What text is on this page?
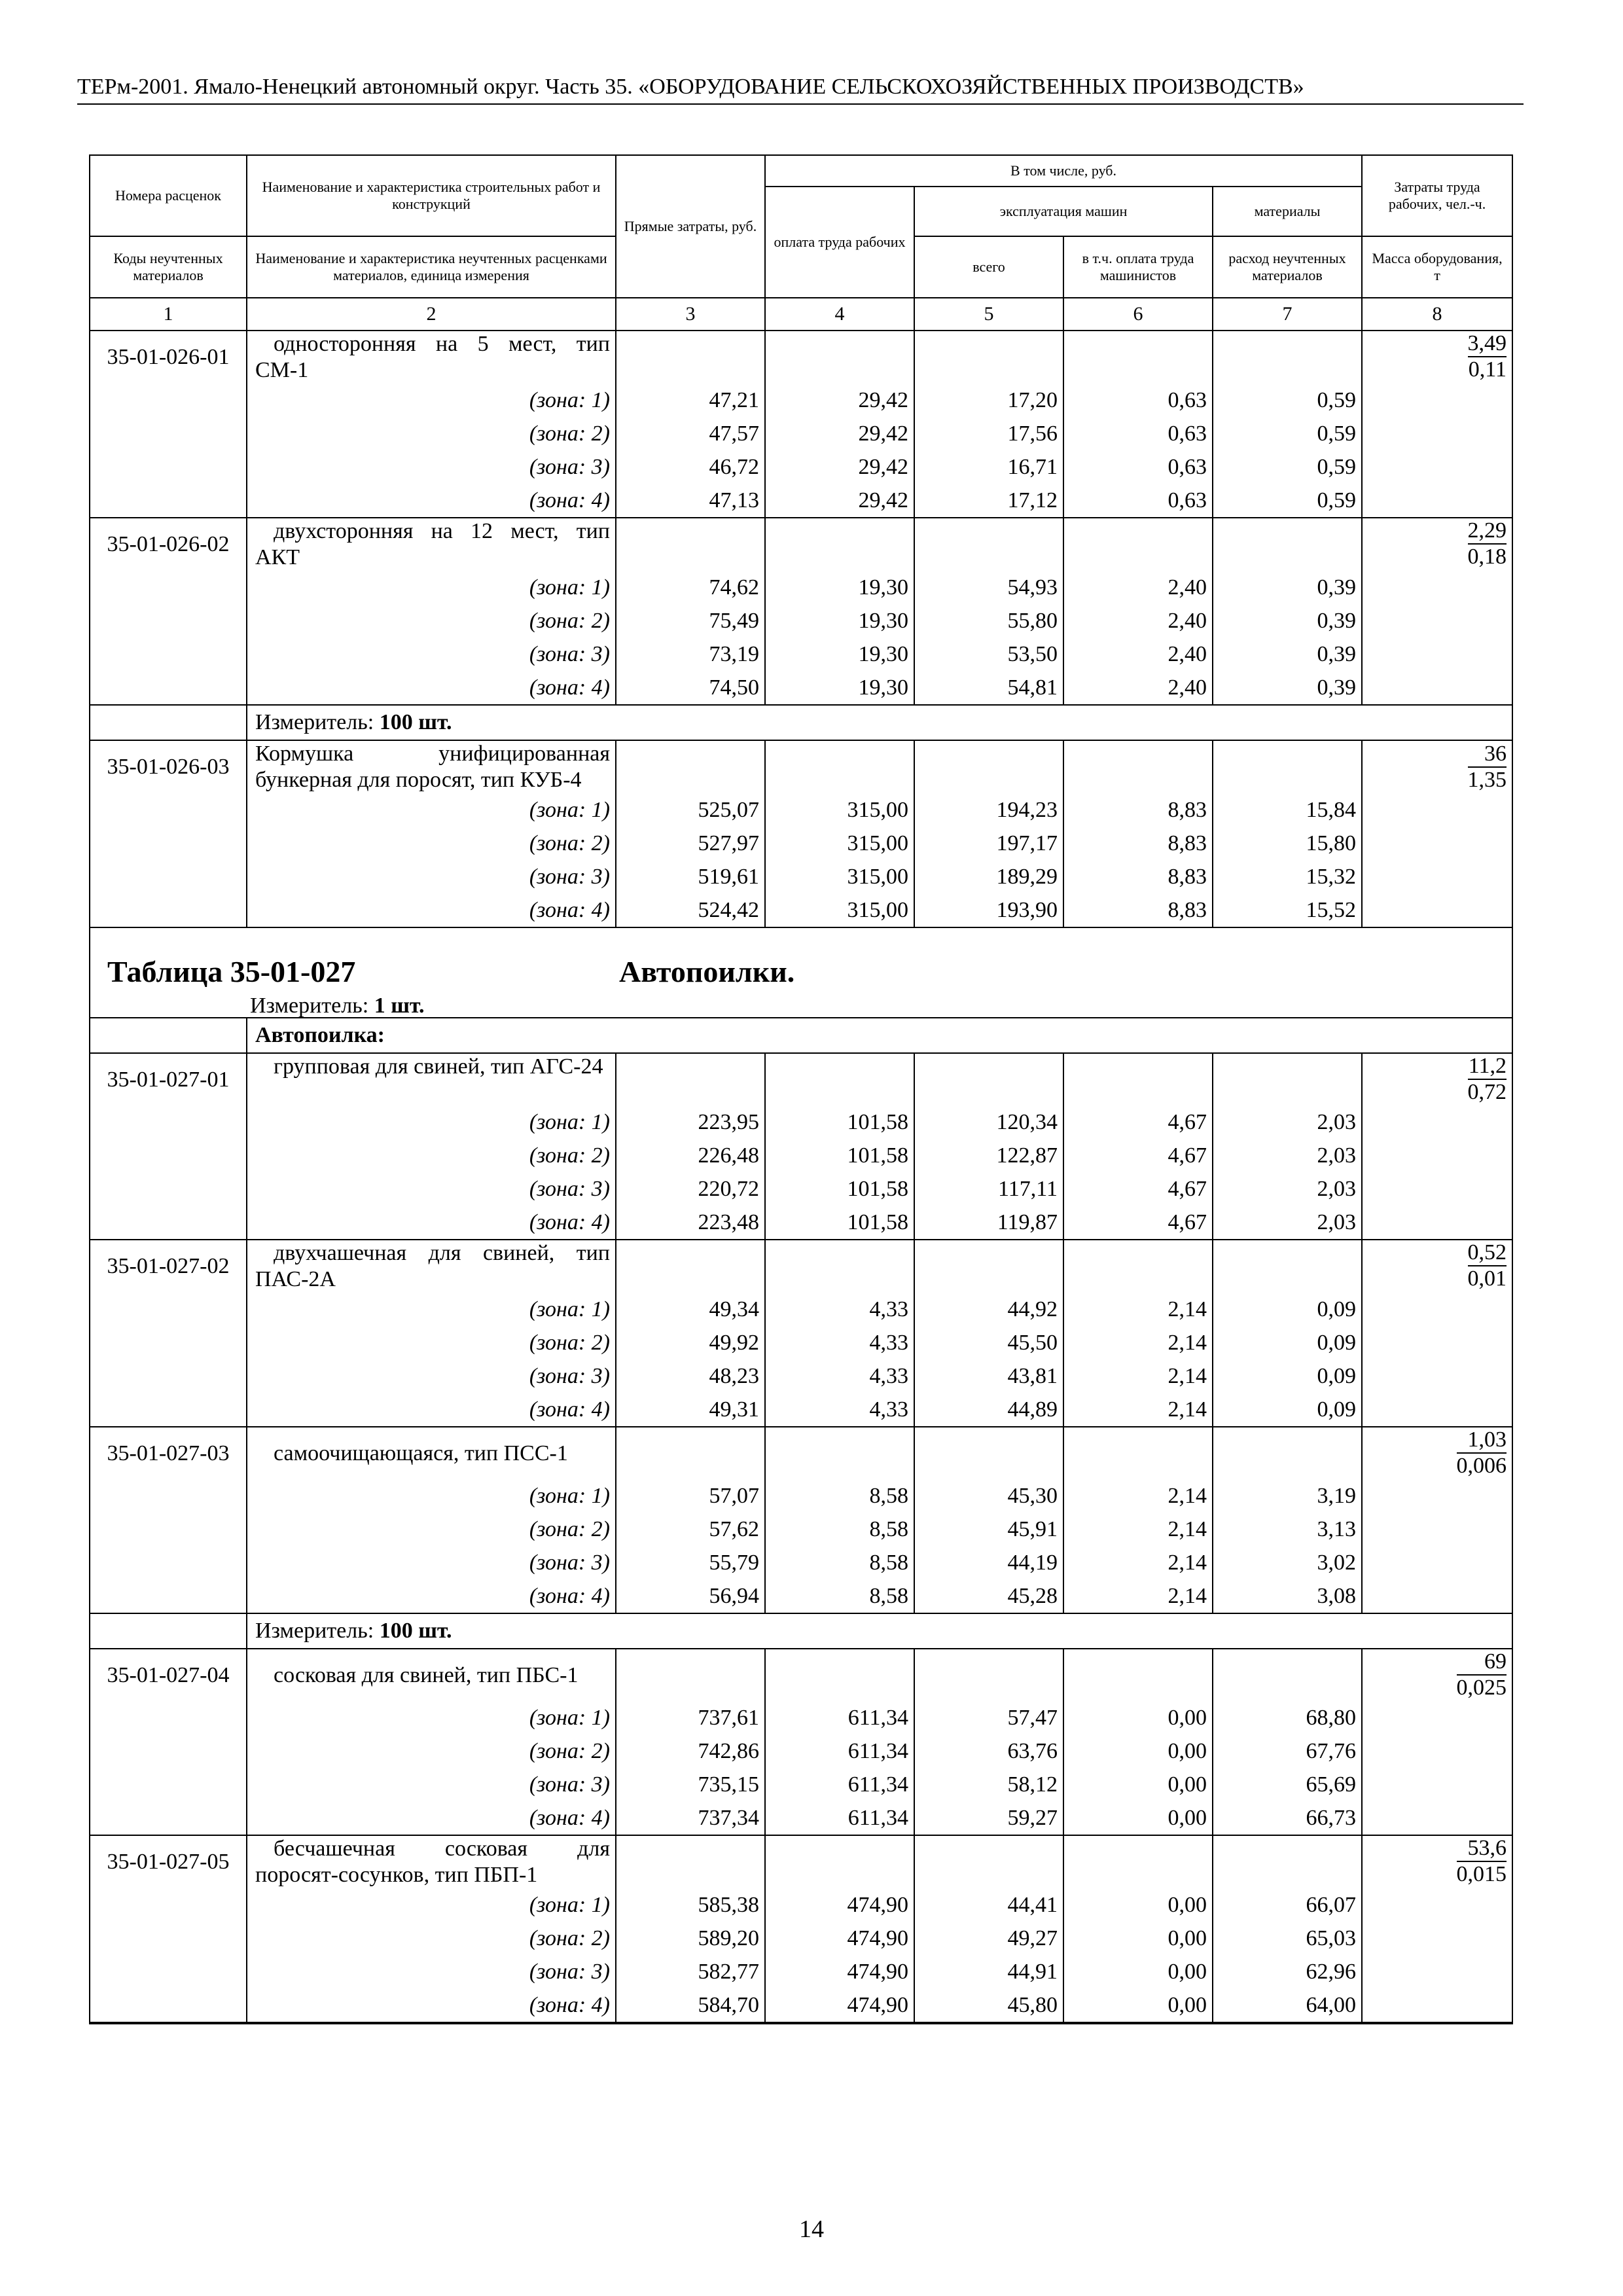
ТЕРм-2001. Ямало-Ненецкий автономный округ. Часть 35. «ОБОРУДОВАНИЕ СЕЛЬСКОХОЗЯЙСТВЕННЫХ ПРОИЗВОДСТВ»
Номера расценок	Наименование и характеристика строительных работ и конструкций	Прямые затраты, руб.	В том числе, руб.				Затраты труда рабочих, чел.-ч.
			оплата труда рабочих	эксплуатация машин		материалы	

Коды неучтенных материалов	Наименование и характеристика неучтенных расценками материалов, единица измерения			всего	в т.ч. оплата труда машинистов	расход неучтенных материалов	Масса оборудования, т

1	2	3	4	5	6	7	8
35-01-026-01	односторонняя на 5 мест, тип СМ-1						$\frac{3,49}{0,11}$

	(зона: 1)	47,21	29,42	17,20	0,63	0,59	
	(зона: 2)	47,57	29,42	17,56	0,63	0,59	
	(зона: 3)	46,72	29,42	16,71	0,63	0,59	
	(зона: 4)	47,13	29,42	17,12	0,63	0,59	
35-01-026-02	двухсторонняя на 12 мест, тип АКТ						$\frac{2,29}{0,18}$

	(зона: 1)	74,62	19,30	54,93	2,40	0,39	
	(зона: 2)	75,49	19,30	55,80	2,40	0,39	
	(зона: 3)	73,19	19,30	53,50	2,40	0,39	
	(зона: 4)	74,50	19,30	54,81	2,40	0,39	
	Измеритель: 100 шт.						
35-01-026-03	Кормушка унифицированная бункерная для поросят, тип КУБ-4						$\frac{36}{1,35}$

	(зона: 1)	525,07	315,00	194,23	8,83	15,84	
	(зона: 2)	527,97	315,00	197,17	8,83	15,80	
	(зона: 3)	519,61	315,00	189,29	8,83	15,32	
	(зона: 4)	524,42	315,00	193,90	8,83	15,52	

Таблица 35-01-027 Автопоилки.
Измеритель: 1 шт.							

	Автопоилка:						
35-01-027-01	групповая для свиней, тип АГС-24						$\frac{11,2}{0,72}$

	(зона: 1)	223,95	101,58	120,34	4,67	2,03	
	(зона: 2)	226,48	101,58	122,87	4,67	2,03	
	(зона: 3)	220,72	101,58	117,11	4,67	2,03	
	(зона: 4)	223,48	101,58	119,87	4,67	2,03	
35-01-027-02	двухчашечная для свиней, тип ПАС-2А						$\frac{0,52}{0,01}$

	(зона: 1)	49,34	4,33	44,92	2,14	0,09	
	(зона: 2)	49,92	4,33	45,50	2,14	0,09	
	(зона: 3)	48,23	4,33	43,81	2,14	0,09	
	(зона: 4)	49,31	4,33	44,89	2,14	0,09	
35-01-027-03	самоочищающаяся, тип ПСС-1						$\frac{1,03}{0,006}$

	(зона: 1)	57,07	8,58	45,30	2,14	3,19	
	(зона: 2)	57,62	8,58	45,91	2,14	3,13	
	(зона: 3)	55,79	8,58	44,19	2,14	3,02	
	(зона: 4)	56,94	8,58	45,28	2,14	3,08	
	Измеритель: 100 шт.						
35-01-027-04	сосковая для свиней, тип ПБС-1						$\frac{69}{0,025}$

	(зона: 1)	737,61	611,34	57,47	0,00	68,80	
	(зона: 2)	742,86	611,34	63,76	0,00	67,76	
	(зона: 3)	735,15	611,34	58,12	0,00	65,69	
	(зона: 4)	737,34	611,34	59,27	0,00	66,73	
35-01-027-05	бесчашечная сосковая для поросят-сосунков, тип ПБП-1						$\frac{53,6}{0,015}$

	(зона: 1)	585,38	474,90	44,41	0,00	66,07	
	(зона: 2)	589,20	474,90	49,27	0,00	65,03	
	(зона: 3)	582,77	474,90	44,91	0,00	62,96	
	(зона: 4)	584,70	474,90	45,80	0,00	64,00	
14
